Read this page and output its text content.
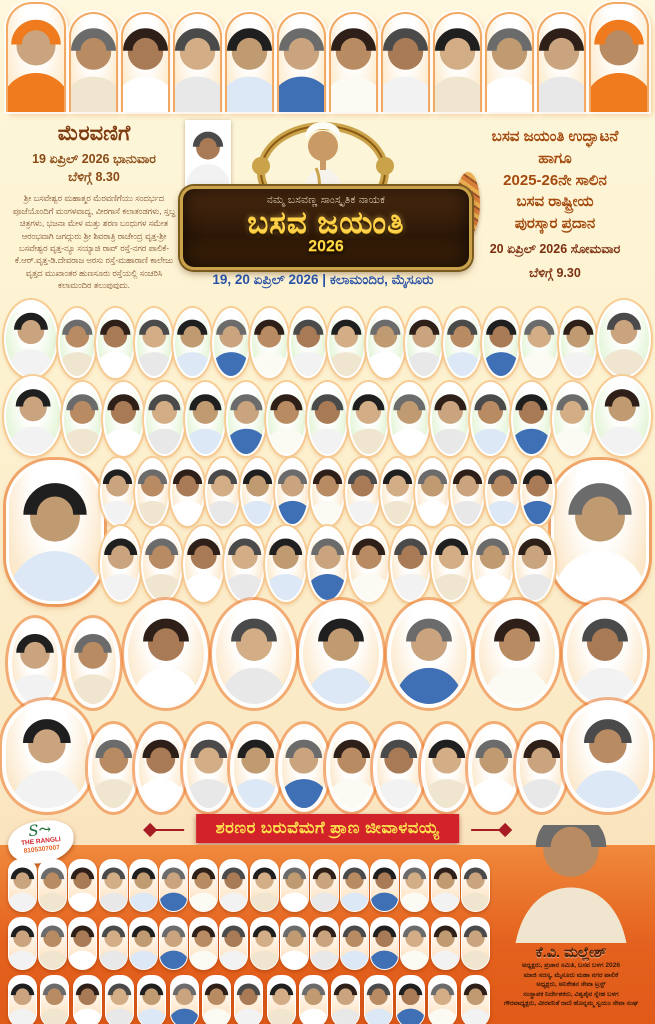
ಮೆರವಣಿಗೆ
19 ಏಪ್ರಿಲ್ 2026 ಭಾನುವಾರ
ಬೆಳಿಗ್ಗೆ 8.30

ಶ್ರೀ ಬಸವೇಶ್ವರ ಮಹಾತ್ಮರ ಮೆರವಣಿಗೆಯು ಸಂದರ್ಭದ ಪೂಜೆಯೊಂದಿಗೆ ಮಂಗಳವಾದ್ಯ, ವೀರಗಾಸೆ ಕಲಾತಂಡಗಳು, ಸ್ತಬ್ಧ ಚಿತ್ರಗಳು, ಭಜನಾ ಮೇಳ ಮತ್ತು ಶರಣ ಬಂಧುಗಳ ಸಮೇತ ಆರಂಭವಾಗಿ ಜಗದ್ಗುರು ಶ್ರೀ ಶಿವರಾತ್ರಿ ರಾಜೇಂದ್ರ ವೃತ್ತ-ಶ್ರೀ ಬಸವೇಶ್ವರ ವೃತ್ತ-ನ್ಯೂ ಸಯ್ಯಾಜಿ ರಾವ್ ರಸ್ತೆ-ನಗರ ಪಾಲಿಕೆ-ಕೆ.ಆರ್.ವೃತ್ತ-ಡಿ.ದೇವರಾಜ ಅರಸು ರಸ್ತೆ-ಮಹಾರಾಣಿ ಕಾಲೇಜು ವೃತ್ತದ ಮುಖಾಂತರ ಹುಣಸೂರು ರಸ್ತೆಯಲ್ಲಿ ಸಂಚರಿಸಿ ಕಲಾಮಂದಿರ ತಲುಪುವುದು.

ನಮ್ಮ ಬಸವಣ್ಣ ಸಾಂಸ್ಕೃತಿಕ ನಾಯಕ
ಬಸವ ಜಯಂತಿ
2026
19, 20 ಏಪ್ರಿಲ್ 2026 | ಕಲಾಮಂದಿರ, ಮೈಸೂರು
ಬಸವ ಜಯಂತಿ ಉದ್ಘಾಟನೆ
ಹಾಗೂ
2025-26ನೇ ಸಾಲಿನ
ಬಸವ ರಾಷ್ಟ್ರೀಯ
ಪುರಸ್ಕಾರ ಪ್ರದಾನ
20 ಏಪ್ರಿಲ್ 2026 ಸೋಮವಾರ
ಬೆಳಿಗ್ಗೆ 9.30
ಶರಣರ ಬರುವೆಮಗೆ ಪ್ರಾಣ ಜೀವಾಳವಯ್ಯ
S⤳
THE RANGLI
8105307007
ಕೆ.ವಿ. ಮಲ್ಲೇಶ್
ಅಧ್ಯಕ್ಷರು, ಪ್ರಚಾರ ಸಮಿತಿ, ಬಸವ ಬಳಗ 2026
ಮಾಜಿ ಸದಸ್ಯ, ಮೈಸೂರು ಮಹಾ ನಗರ ಪಾಲಿಕೆ
ಅಧ್ಯಕ್ಷರು, ಅನಿಕೇತನ ಸೇವಾ ಟ್ರಸ್ಟ್
ಸಂಸ್ಥಾಪಕ ನಿರ್ದೇಶಕರು, ವಿಶ್ವಶೈವ ಸ್ನೇಹ ಬಳಗ
ಗೌರವಾಧ್ಯಕ್ಷರು, ವೀರವನಿತೆ ರಾಣಿ ಹೊನ್ನಮ್ಮ ಸ್ವಯಂ ಸೇವಾ ಸಂಘ
